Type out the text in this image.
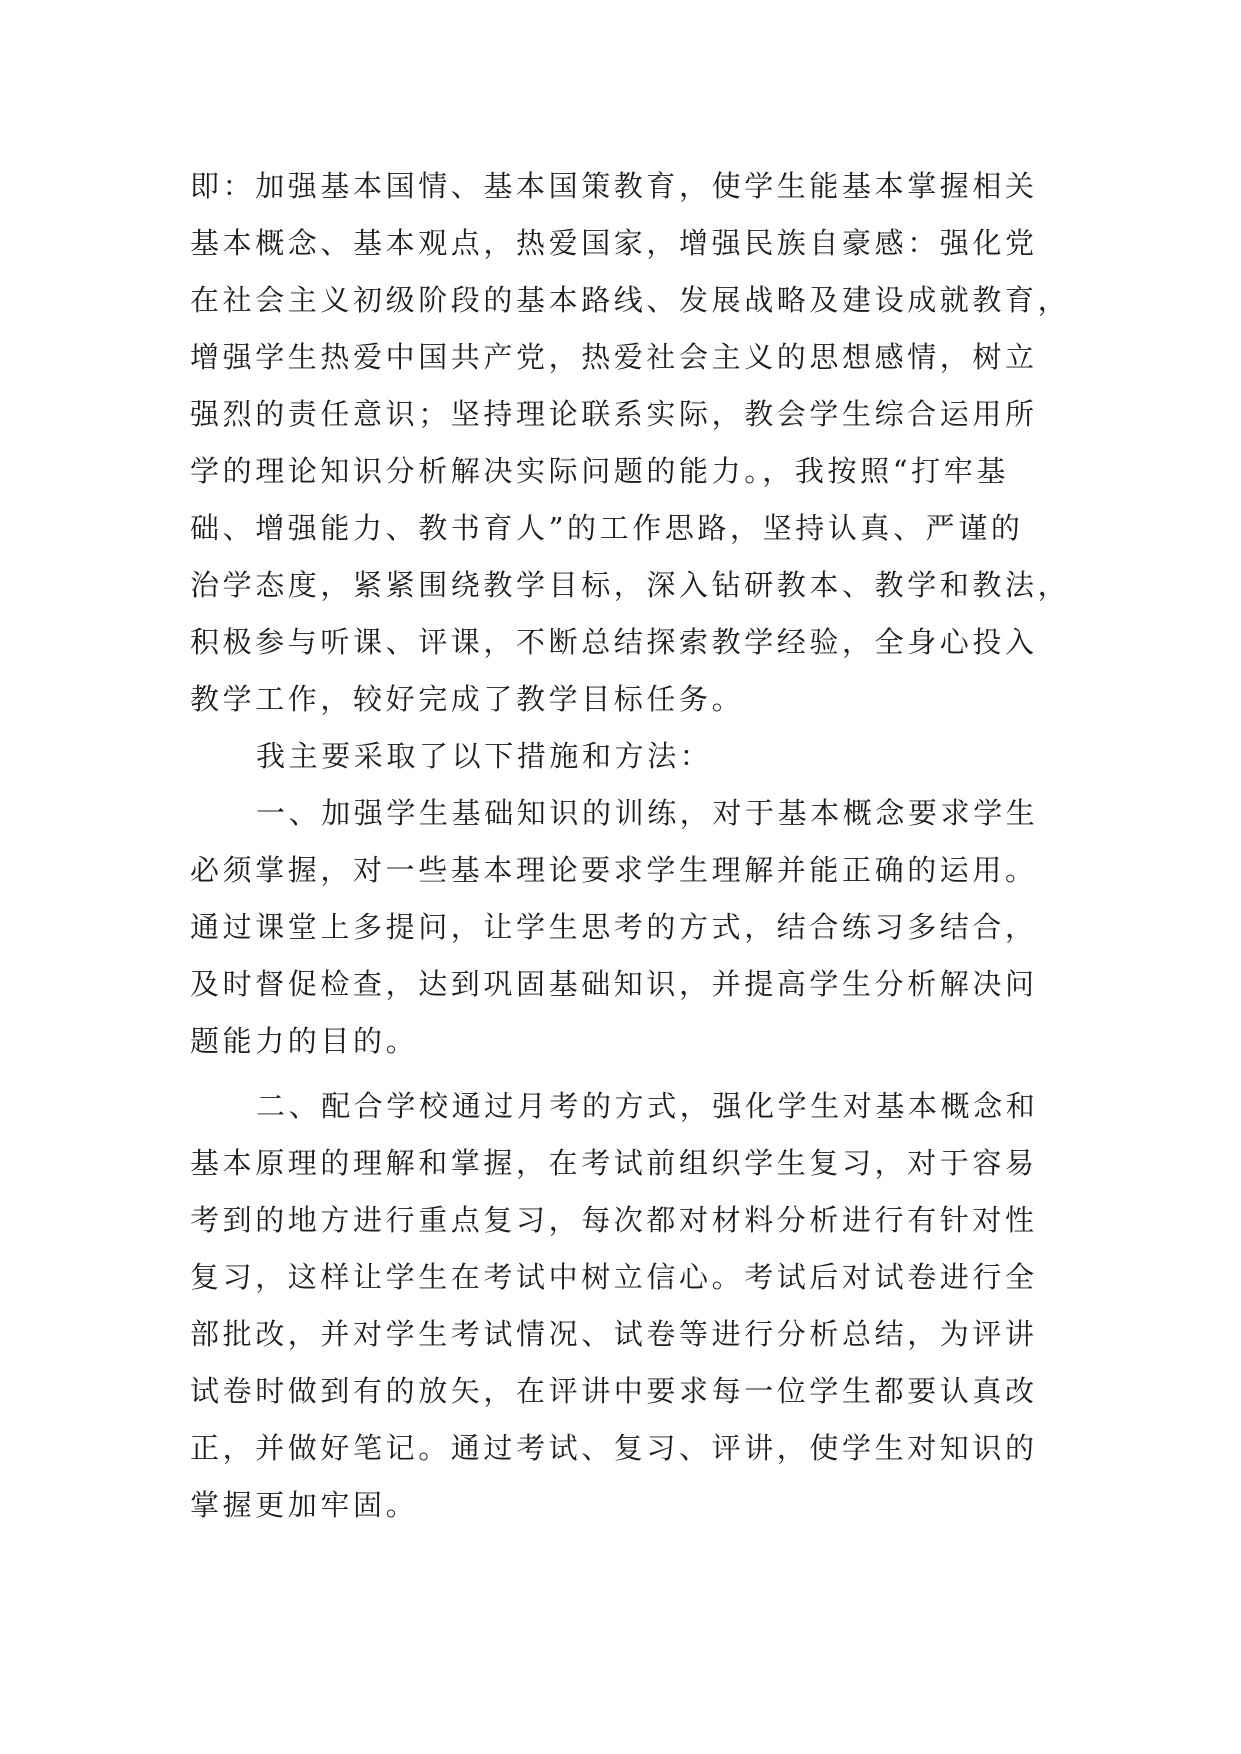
即：加强基本国情、基本国策教育，使学生能基本掌握相关
基本概念、基本观点，热爱国家，增强民族自豪感：强化党
在社会主义初级阶段的基本路线、发展战略及建设成就教育，
增强学生热爱中国共产党，热爱社会主义的思想感情，树立
强烈的责任意识；坚持理论联系实际，教会学生综合运用所
学的理论知识分析解决实际问题的能力。，我按照“打牢基
础、增强能力、教书育人”的工作思路，坚持认真、严谨的
治学态度，紧紧围绕教学目标，深入钻研教本、教学和教法，
积极参与听课、评课，不断总结探索教学经验，全身心投入
教学工作，较好完成了教学目标任务。
我主要采取了以下措施和方法：
一、加强学生基础知识的训练，对于基本概念要求学生
必须掌握，对一些基本理论要求学生理解并能正确的运用。
通过课堂上多提问，让学生思考的方式，结合练习多结合，
及时督促检查，达到巩固基础知识，并提高学生分析解决问
题能力的目的。
二、配合学校通过月考的方式，强化学生对基本概念和
基本原理的理解和掌握，在考试前组织学生复习，对于容易
考到的地方进行重点复习，每次都对材料分析进行有针对性
复习，这样让学生在考试中树立信心。考试后对试卷进行全
部批改，并对学生考试情况、试卷等进行分析总结，为评讲
试卷时做到有的放矢，在评讲中要求每一位学生都要认真改
正，并做好笔记。通过考试、复习、评讲，使学生对知识的
掌握更加牢固。
